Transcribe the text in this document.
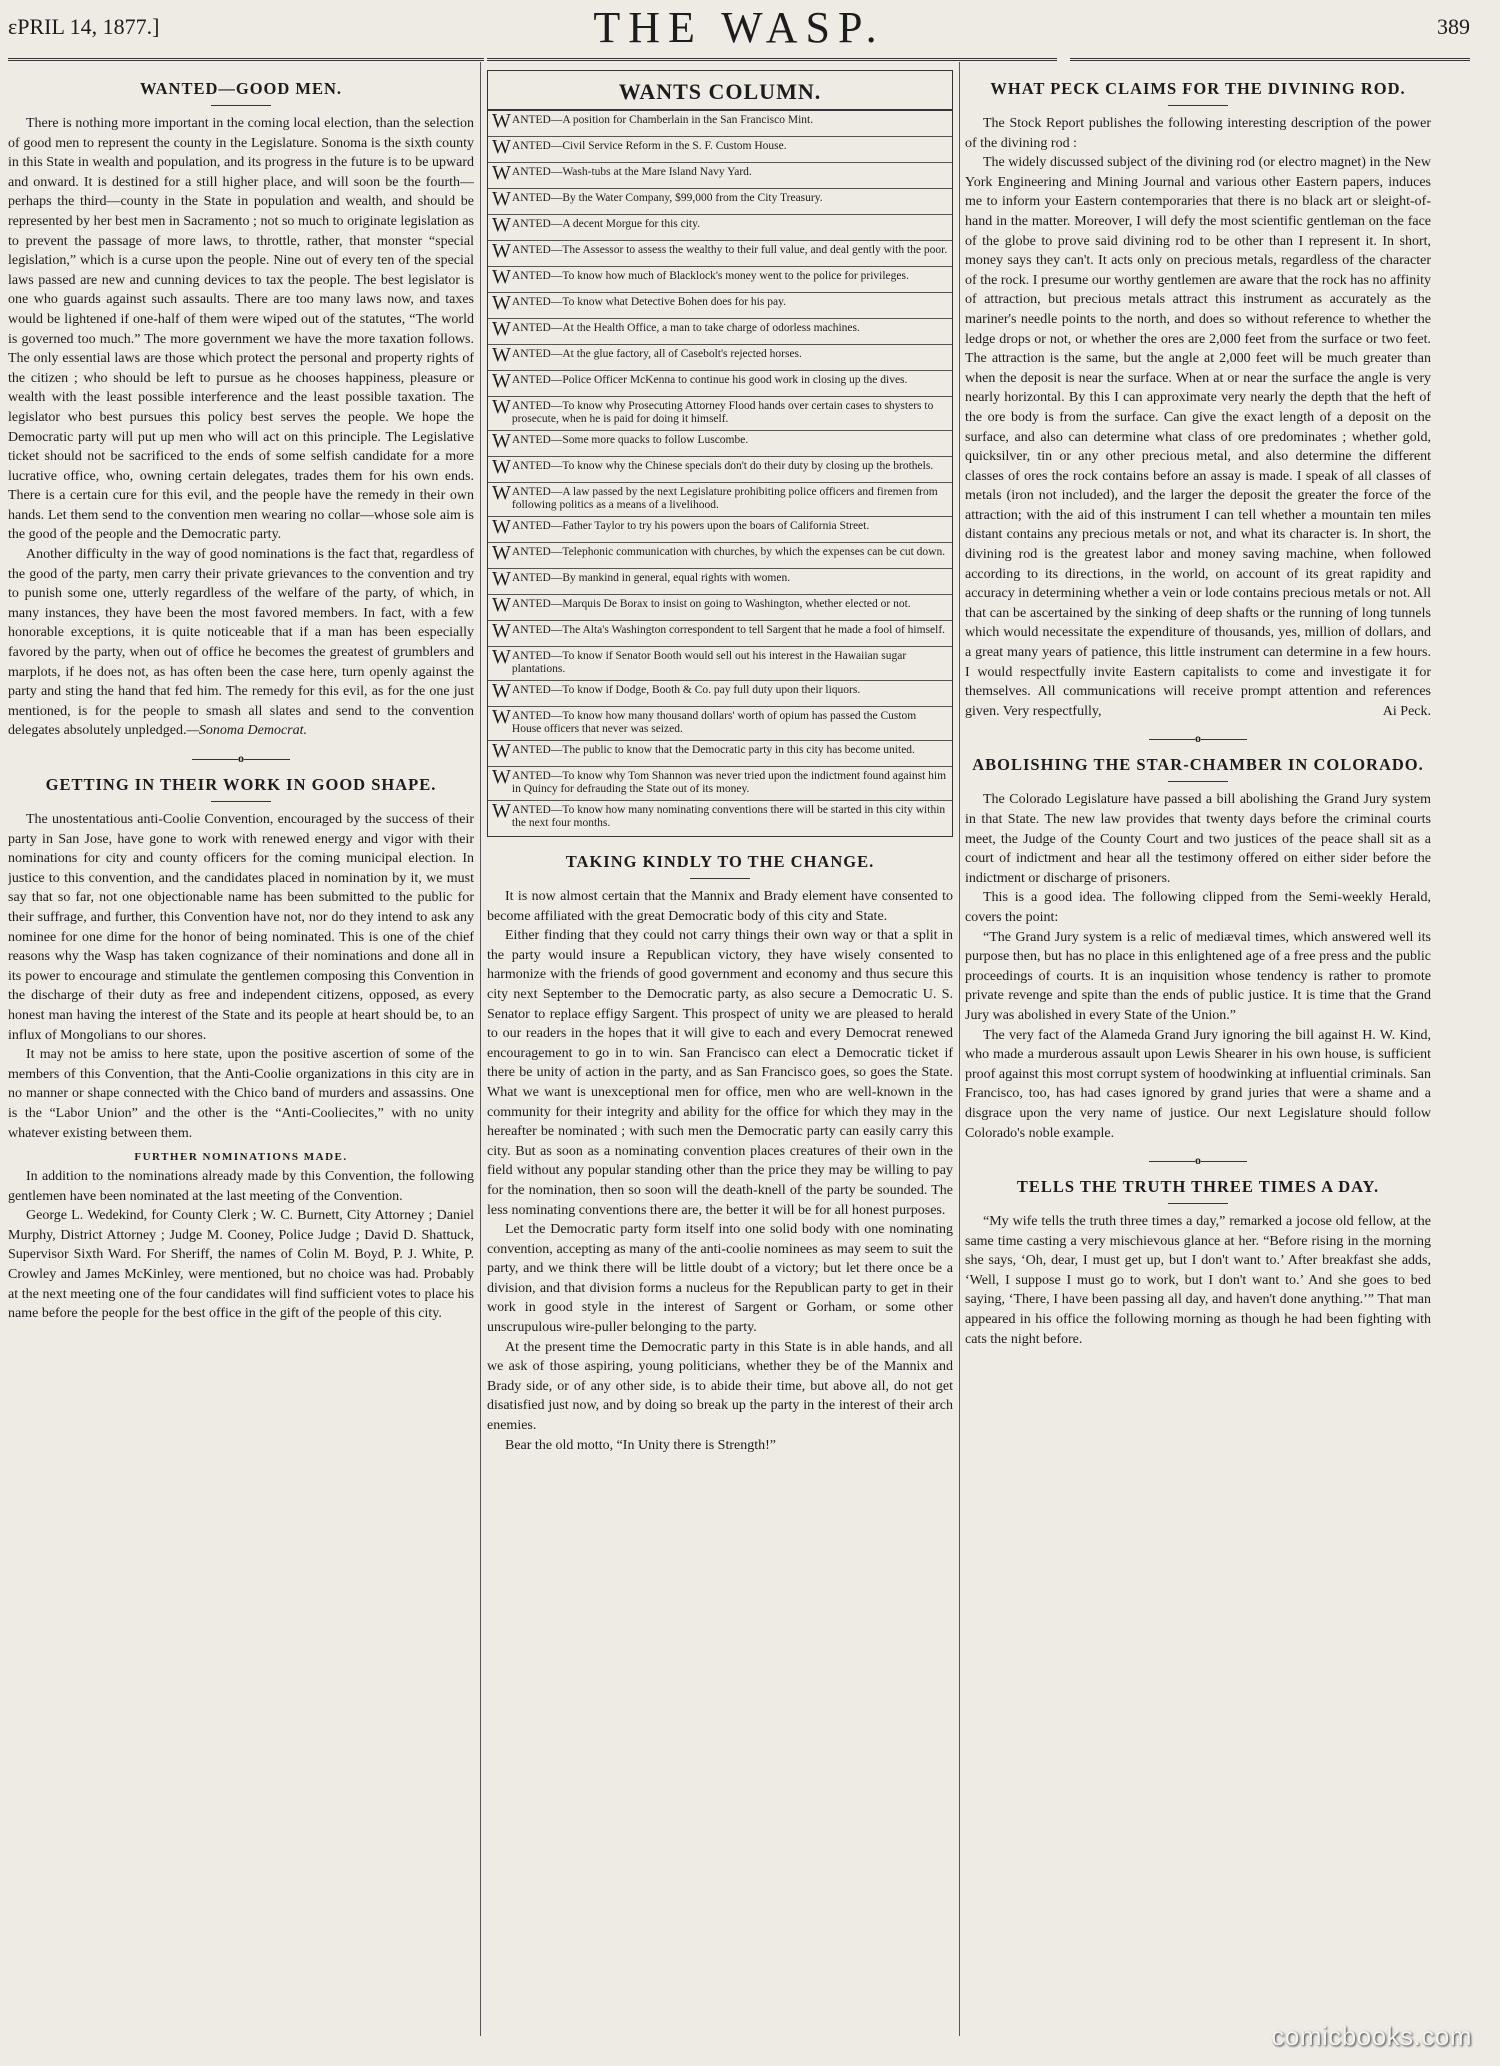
ɛPRIL 14, 1877.]	THE WASP.	389
WANTED—GOOD MEN.

There is nothing more important in the coming local election, than the selection of good men to represent the county in the Legislature. Sonoma is the sixth county in this State in wealth and population, and its progress in the future is to be upward and onward. It is destined for a still higher place, and will soon be the fourth—perhaps the third—county in the State in population and wealth, and should be represented by her best men in Sacramento ; not so much to originate legislation as to prevent the passage of more laws, to throttle, rather, that monster “special legislation,” which is a curse upon the people. Nine out of every ten of the special laws passed are new and cunning devices to tax the people. The best legislator is one who guards against such assaults. There are too many laws now, and taxes would be lightened if one-half of them were wiped out of the statutes, “The world is governed too much.” The more government we have the more taxation follows. The only essential laws are those which protect the personal and property rights of the citizen ; who should be left to pursue as he chooses happiness, pleasure or wealth with the least possible interference and the least possible taxation. The legislator who best pursues this policy best serves the people. We hope the Democratic party will put up men who will act on this principle. The Legislative ticket should not be sacrificed to the ends of some selfish candidate for a more lucrative office, who, owning certain delegates, trades them for his own ends. There is a certain cure for this evil, and the people have the remedy in their own hands. Let them send to the convention men wearing no collar—whose sole aim is the good of the people and the Democratic party.

Another difficulty in the way of good nominations is the fact that, regardless of the good of the party, men carry their private grievances to the convention and try to punish some one, utterly regardless of the welfare of the party, of which, in many instances, they have been the most favored members. In fact, with a few honorable exceptions, it is quite noticeable that if a man has been especially favored by the party, when out of office he becomes the greatest of grumblers and marplots, if he does not, as has often been the case here, turn openly against the party and sting the hand that fed him. The remedy for this evil, as for the one just mentioned, is for the people to smash all slates and send to the convention delegates absolutely unpledged.—Sonoma Democrat.

o
GETTING IN THEIR WORK IN GOOD SHAPE.

The unostentatious anti-Coolie Convention, encouraged by the success of their party in San Jose, have gone to work with renewed energy and vigor with their nominations for city and county officers for the coming municipal election. In justice to this convention, and the candidates placed in nomination by it, we must say that so far, not one objectionable name has been submitted to the public for their suffrage, and further, this Convention have not, nor do they intend to ask any nominee for one dime for the honor of being nominated. This is one of the chief reasons why the Wasp has taken cognizance of their nominations and done all in its power to encourage and stimulate the gentlemen composing this Convention in the discharge of their duty as free and independent citizens, opposed, as every honest man having the interest of the State and its people at heart should be, to an influx of Mongolians to our shores.

It may not be amiss to here state, upon the positive ascertion of some of the members of this Convention, that the Anti-Coolie organizations in this city are in no manner or shape connected with the Chico band of murders and assassins. One is the “Labor Union” and the other is the “Anti-Cooliecites,” with no unity whatever existing between them.

FURTHER NOMINATIONS MADE.

In addition to the nominations already made by this Convention, the following gentlemen have been nominated at the last meeting of the Convention.

George L. Wedekind, for County Clerk ; W. C. Burnett, City Attorney ; Daniel Murphy, District Attorney ; Judge M. Cooney, Police Judge ; David D. Shattuck, Supervisor Sixth Ward. For Sheriff, the names of Colin M. Boyd, P. J. White, P. Crowley and James McKinley, were mentioned, but no choice was had. Probably at the next meeting one of the four candidates will find sufficient votes to place his name before the people for the best office in the gift of the people of this city.

WANTS COLUMN.
WANTED—A position for Chamberlain in the San Francisco Mint.
WANTED—Civil Service Reform in the S. F. Custom House.
WANTED—Wash-tubs at the Mare Island Navy Yard.
WANTED—By the Water Company, $99,000 from the City Treasury.
WANTED—A decent Morgue for this city.
WANTED—The Assessor to assess the wealthy to their full value, and deal gently with the poor.
WANTED—To know how much of Blacklock's money went to the police for privileges.
WANTED—To know what Detective Bohen does for his pay.
WANTED—At the Health Office, a man to take charge of odorless machines.
WANTED—At the glue factory, all of Casebolt's rejected horses.
WANTED—Police Officer McKenna to continue his good work in closing up the dives.
WANTED—To know why Prosecuting Attorney Flood hands over certain cases to shysters to prosecute, when he is paid for doing it himself.
WANTED—Some more quacks to follow Luscombe.
WANTED—To know why the Chinese specials don't do their duty by closing up the brothels.
WANTED—A law passed by the next Legislature prohibiting police officers and firemen from following politics as a means of a livelihood.
WANTED—Father Taylor to try his powers upon the boars of California Street.
WANTED—Telephonic communication with churches, by which the expenses can be cut down.
WANTED—By mankind in general, equal rights with women.
WANTED—Marquis De Borax to insist on going to Washington, whether elected or not.
WANTED—The Alta's Washington correspondent to tell Sargent that he made a fool of himself.
WANTED—To know if Senator Booth would sell out his interest in the Hawaiian sugar plantations.
WANTED—To know if Dodge, Booth & Co. pay full duty upon their liquors.
WANTED—To know how many thousand dollars' worth of opium has passed the Custom House officers that never was seized.
WANTED—The public to know that the Democratic party in this city has become united.
WANTED—To know why Tom Shannon was never tried upon the indictment found against him in Quincy for defrauding the State out of its money.
WANTED—To know how many nominating conventions there will be started in this city within the next four months.
TAKING KINDLY TO THE CHANGE.

It is now almost certain that the Mannix and Brady element have consented to become affiliated with the great Democratic body of this city and State.

Either finding that they could not carry things their own way or that a split in the party would insure a Republican victory, they have wisely consented to harmonize with the friends of good government and economy and thus secure this city next September to the Democratic party, as also secure a Democratic U. S. Senator to replace effigy Sargent. This prospect of unity we are pleased to herald to our readers in the hopes that it will give to each and every Democrat renewed encouragement to go in to win. San Francisco can elect a Democratic ticket if there be unity of action in the party, and as San Francisco goes, so goes the State. What we want is unexceptional men for office, men who are well-known in the community for their integrity and ability for the office for which they may in the hereafter be nominated ; with such men the Democratic party can easily carry this city. But as soon as a nominating convention places creatures of their own in the field without any popular standing other than the price they may be willing to pay for the nomination, then so soon will the death-knell of the party be sounded. The less nominating conventions there are, the better it will be for all honest purposes.

Let the Democratic party form itself into one solid body with one nominating convention, accepting as many of the anti-coolie nominees as may seem to suit the party, and we think there will be little doubt of a victory; but let there once be a division, and that division forms a nucleus for the Republican party to get in their work in good style in the interest of Sargent or Gorham, or some other unscrupulous wire-puller belonging to the party.

At the present time the Democratic party in this State is in able hands, and all we ask of those aspiring, young politicians, whether they be of the Mannix and Brady side, or of any other side, is to abide their time, but above all, do not get disatisfied just now, and by doing so break up the party in the interest of their arch enemies.

Bear the old motto, “In Unity there is Strength!”

WHAT PECK CLAIMS FOR THE DIVINING ROD.

The Stock Report publishes the following interesting description of the power of the divining rod :

The widely discussed subject of the divining rod (or electro magnet) in the New York Engineering and Mining Journal and various other Eastern papers, induces me to inform your Eastern contemporaries that there is no black art or sleight-of-hand in the matter. Moreover, I will defy the most scientific gentleman on the face of the globe to prove said divining rod to be other than I represent it. In short, money says they can't. It acts only on precious metals, regardless of the character of the rock. I presume our worthy gentlemen are aware that the rock has no affinity of attraction, but precious metals attract this instrument as accurately as the mariner's needle points to the north, and does so without reference to whether the ledge drops or not, or whether the ores are 2,000 feet from the surface or two feet. The attraction is the same, but the angle at 2,000 feet will be much greater than when the deposit is near the surface. When at or near the surface the angle is very nearly horizontal. By this I can approximate very nearly the depth that the heft of the ore body is from the surface. Can give the exact length of a deposit on the surface, and also can determine what class of ore predominates ; whether gold, quicksilver, tin or any other precious metal, and also determine the different classes of ores the rock contains before an assay is made. I speak of all classes of metals (iron not included), and the larger the deposit the greater the force of the attraction; with the aid of this instrument I can tell whether a mountain ten miles distant contains any precious metals or not, and what its character is. In short, the divining rod is the greatest labor and money saving machine, when followed according to its directions, in the world, on account of its great rapidity and accuracy in determining whether a vein or lode contains precious metals or not. All that can be ascertained by the sinking of deep shafts or the running of long tunnels which would necessitate the expenditure of thousands, yes, million of dollars, and a great many years of patience, this little instrument can determine in a few hours. I would respectfully invite Eastern capitalists to come and investigate it for themselves. All communications will receive prompt attention and references given. Very respectfully,	Ai Peck.

o
ABOLISHING THE STAR-CHAMBER IN COLORADO.

The Colorado Legislature have passed a bill abolishing the Grand Jury system in that State. The new law provides that twenty days before the criminal courts meet, the Judge of the County Court and two justices of the peace shall sit as a court of indictment and hear all the testimony offered on either sider before the indictment or discharge of prisoners.

This is a good idea. The following clipped from the Semi-weekly Herald, covers the point:

“The Grand Jury system is a relic of mediæval times, which answered well its purpose then, but has no place in this enlightened age of a free press and the public proceedings of courts. It is an inquisition whose tendency is rather to promote private revenge and spite than the ends of public justice. It is time that the Grand Jury was abolished in every State of the Union.”

The very fact of the Alameda Grand Jury ignoring the bill against H. W. Kind, who made a murderous assault upon Lewis Shearer in his own house, is sufficient proof against this most corrupt system of hoodwinking at influential criminals. San Francisco, too, has had cases ignored by grand juries that were a shame and a disgrace upon the very name of justice. Our next Legislature should follow Colorado's noble example.

o
TELLS THE TRUTH THREE TIMES A DAY.

“My wife tells the truth three times a day,” remarked a jocose old fellow, at the same time casting a very mischievous glance at her. “Before rising in the morning she says, ‘Oh, dear, I must get up, but I don't want to.’ After breakfast she adds, ‘Well, I suppose I must go to work, but I don't want to.’ And she goes to bed saying, ‘There, I have been passing all day, and haven't done anything.’” That man appeared in his office the following morning as though he had been fighting with cats the night before.

comicbooks.com
